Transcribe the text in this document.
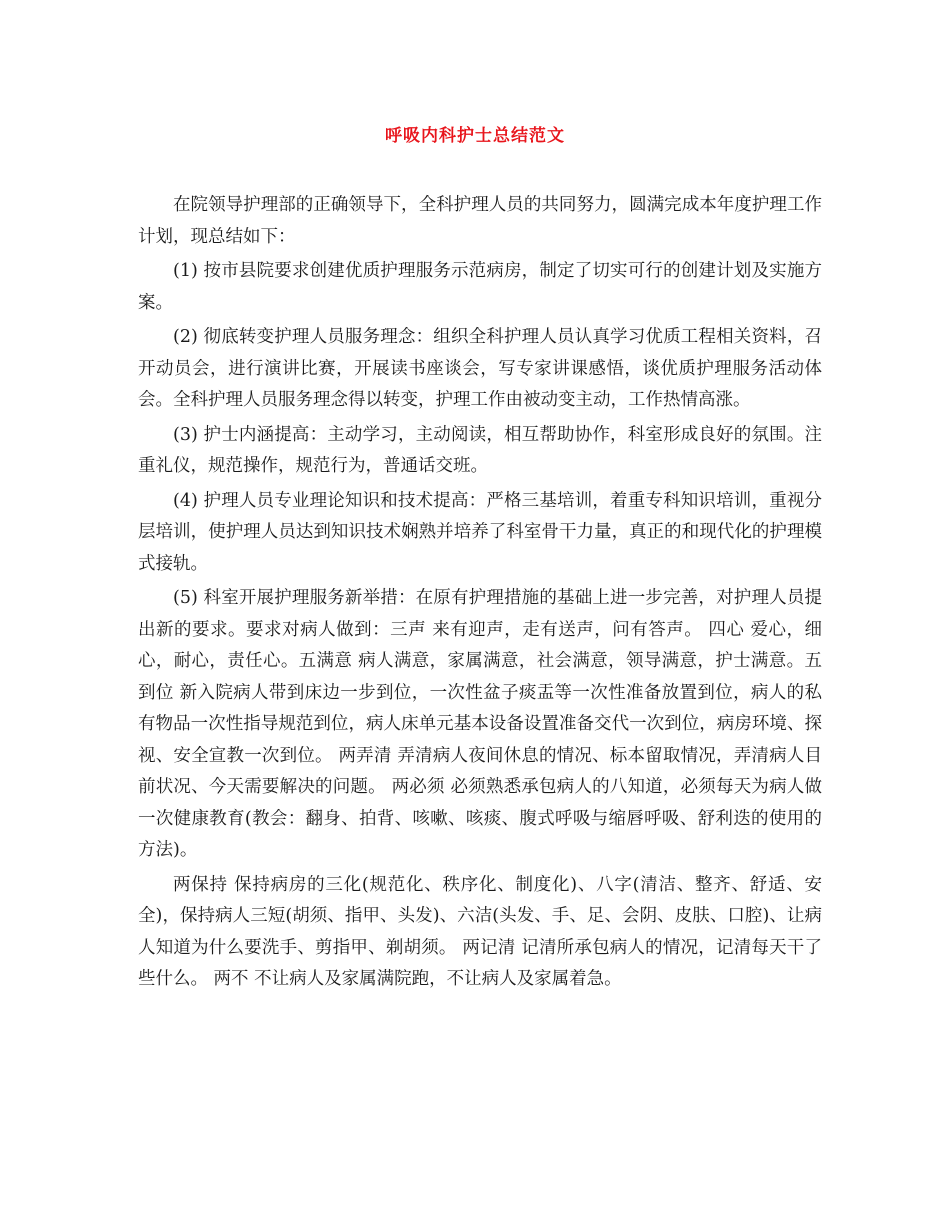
呼吸内科护士总结范文

在院领导护理部的正确领导下，全科护理人员的共同努力，圆满完成本年度护理工作计划，现总结如下：

(1) 按市县院要求创建优质护理服务示范病房，制定了切实可行的创建计划及实施方案。

(2) 彻底转变护理人员服务理念：组织全科护理人员认真学习优质工程相关资料，召开动员会，进行演讲比赛，开展读书座谈会，写专家讲课感悟，谈优质护理服务活动体会。全科护理人员服务理念得以转变，护理工作由被动变主动，工作热情高涨。

(3) 护士内涵提高：主动学习，主动阅读，相互帮助协作，科室形成良好的氛围。注重礼仪，规范操作，规范行为，普通话交班。

(4) 护理人员专业理论知识和技术提高：严格三基培训，着重专科知识培训，重视分层培训，使护理人员达到知识技术娴熟并培养了科室骨干力量，真正的和现代化的护理模式接轨。

(5) 科室开展护理服务新举措：在原有护理措施的基础上进一步完善，对护理人员提出新的要求。要求对病人做到：三声 来有迎声，走有送声，问有答声。 四心 爱心，细心，耐心，责任心。五满意 病人满意，家属满意，社会满意，领导满意，护士满意。五到位 新入院病人带到床边一步到位，一次性盆子痰盂等一次性准备放置到位，病人的私有物品一次性指导规范到位，病人床单元基本设备设置准备交代一次到位，病房环境、探视、安全宣教一次到位。 两弄清 弄清病人夜间休息的情况、标本留取情况，弄清病人目前状况、今天需要解决的问题。 两必须 必须熟悉承包病人的八知道，必须每天为病人做一次健康教育(教会：翻身、拍背、咳嗽、咳痰、腹式呼吸与缩唇呼吸、舒利迭的使用的方法)。

两保持 保持病房的三化(规范化、秩序化、制度化)、八字(清洁、整齐、舒适、安全)，保持病人三短(胡须、指甲、头发)、六洁(头发、手、足、会阴、皮肤、口腔)、让病人知道为什么要洗手、剪指甲、剃胡须。 两记清 记清所承包病人的情况，记清每天干了些什么。 两不 不让病人及家属满院跑，不让病人及家属着急。
